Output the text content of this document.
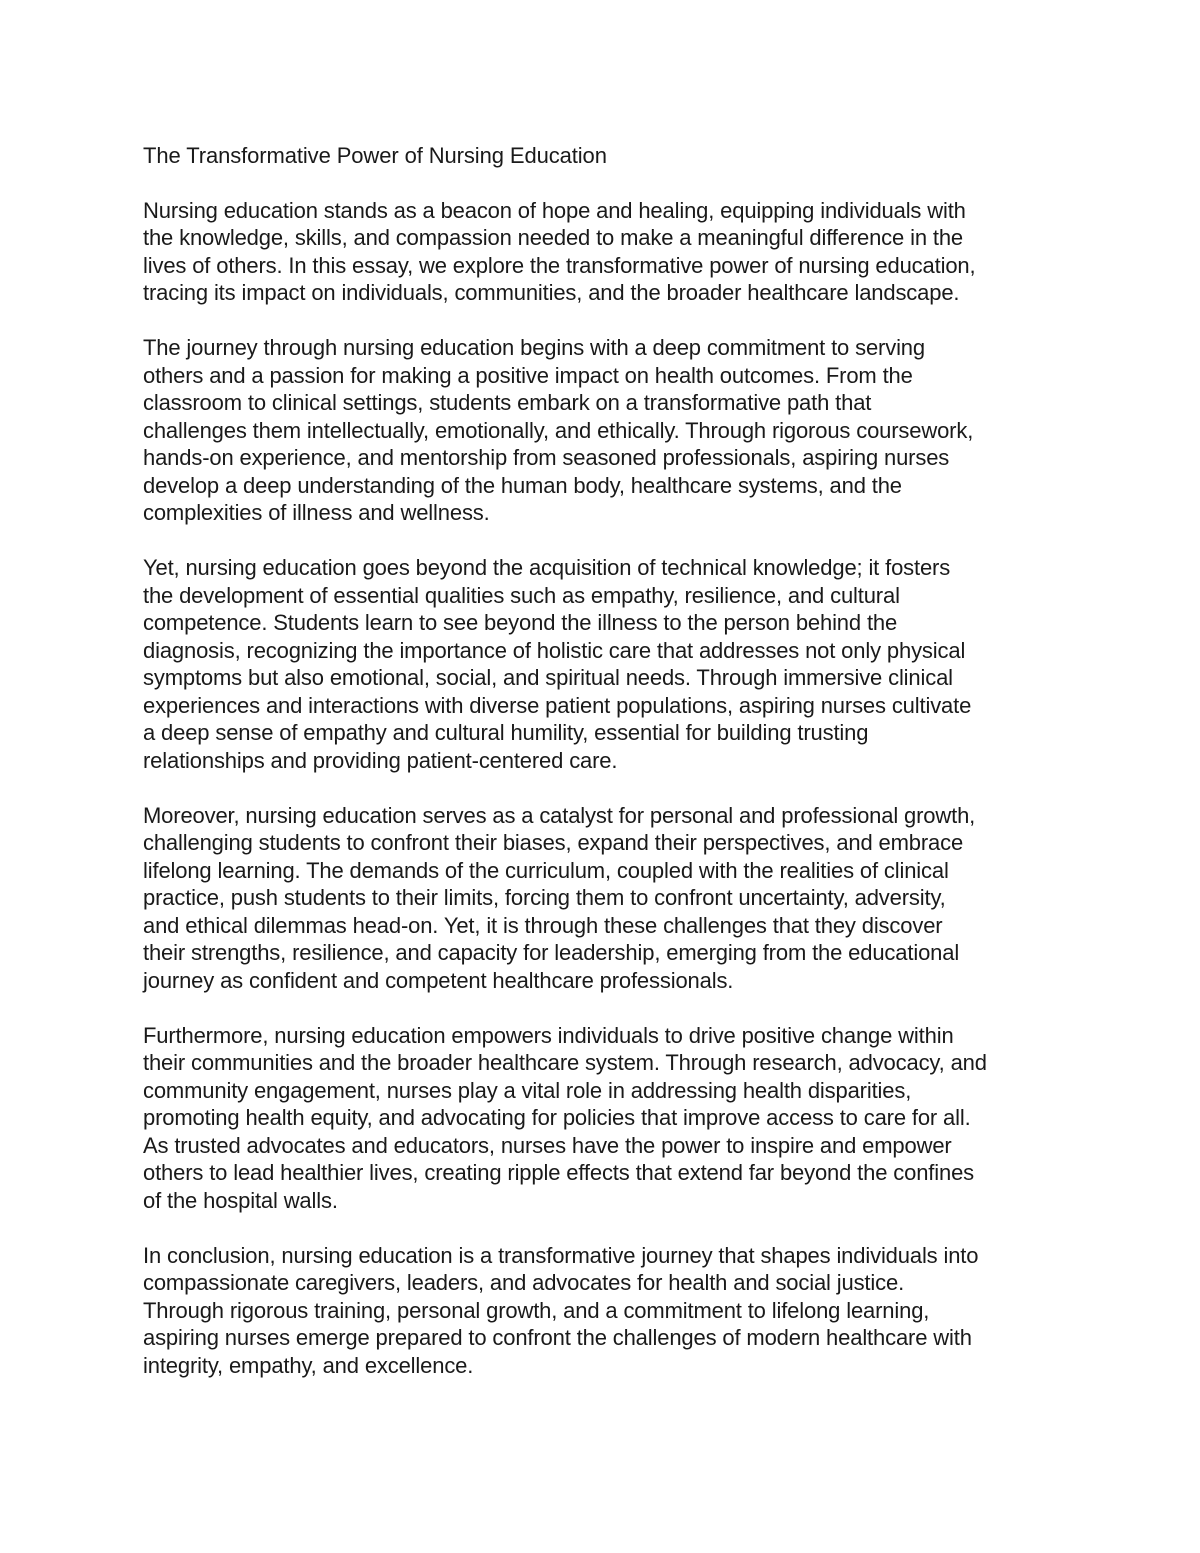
The Transformative Power of Nursing Education

Nursing education stands as a beacon of hope and healing, equipping individuals with
the knowledge, skills, and compassion needed to make a meaningful difference in the
lives of others. In this essay, we explore the transformative power of nursing education,
tracing its impact on individuals, communities, and the broader healthcare landscape.

The journey through nursing education begins with a deep commitment to serving
others and a passion for making a positive impact on health outcomes. From the
classroom to clinical settings, students embark on a transformative path that
challenges them intellectually, emotionally, and ethically. Through rigorous coursework,
hands-on experience, and mentorship from seasoned professionals, aspiring nurses
develop a deep understanding of the human body, healthcare systems, and the
complexities of illness and wellness.

Yet, nursing education goes beyond the acquisition of technical knowledge; it fosters
the development of essential qualities such as empathy, resilience, and cultural
competence. Students learn to see beyond the illness to the person behind the
diagnosis, recognizing the importance of holistic care that addresses not only physical
symptoms but also emotional, social, and spiritual needs. Through immersive clinical
experiences and interactions with diverse patient populations, aspiring nurses cultivate
a deep sense of empathy and cultural humility, essential for building trusting
relationships and providing patient-centered care.

Moreover, nursing education serves as a catalyst for personal and professional growth,
challenging students to confront their biases, expand their perspectives, and embrace
lifelong learning. The demands of the curriculum, coupled with the realities of clinical
practice, push students to their limits, forcing them to confront uncertainty, adversity,
and ethical dilemmas head-on. Yet, it is through these challenges that they discover
their strengths, resilience, and capacity for leadership, emerging from the educational
journey as confident and competent healthcare professionals.

Furthermore, nursing education empowers individuals to drive positive change within
their communities and the broader healthcare system. Through research, advocacy, and
community engagement, nurses play a vital role in addressing health disparities,
promoting health equity, and advocating for policies that improve access to care for all.
As trusted advocates and educators, nurses have the power to inspire and empower
others to lead healthier lives, creating ripple effects that extend far beyond the confines
of the hospital walls.

In conclusion, nursing education is a transformative journey that shapes individuals into
compassionate caregivers, leaders, and advocates for health and social justice.
Through rigorous training, personal growth, and a commitment to lifelong learning,
aspiring nurses emerge prepared to confront the challenges of modern healthcare with
integrity, empathy, and excellence.
